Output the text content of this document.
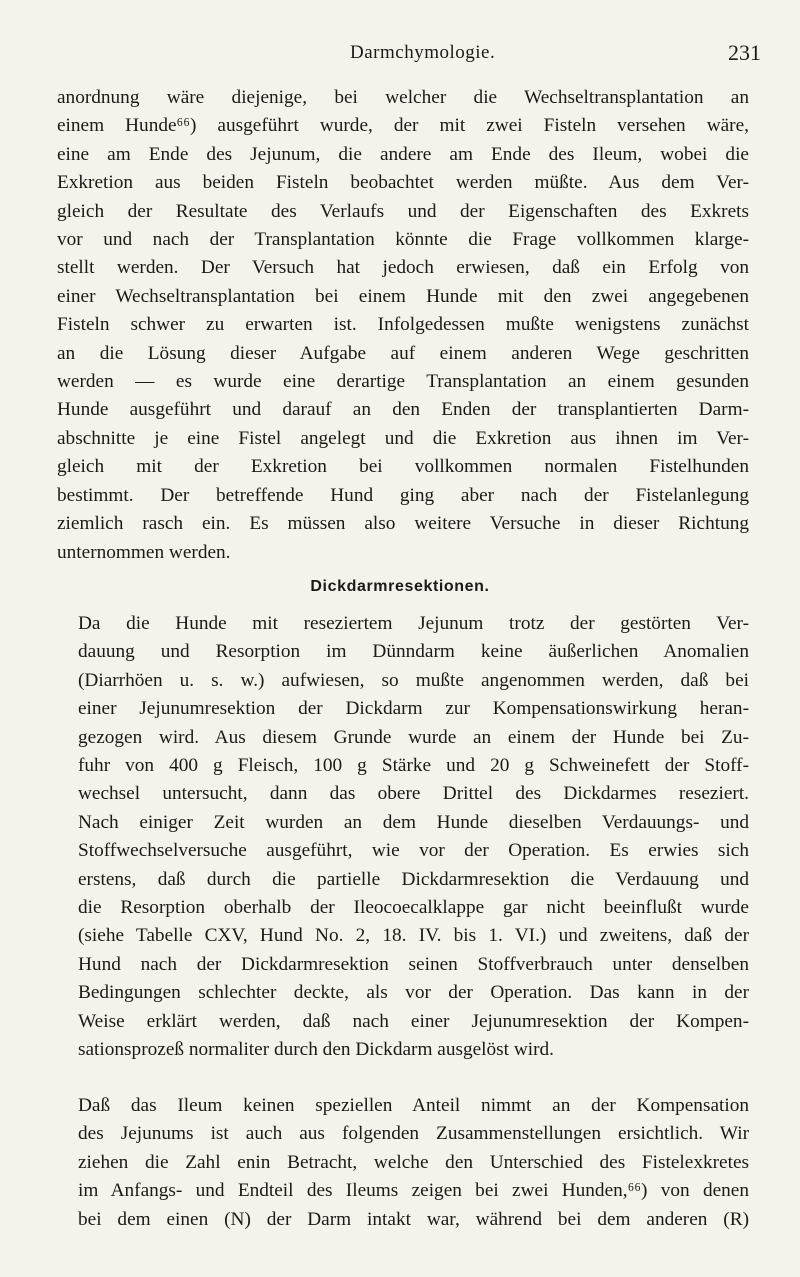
Darmchymologie.	231

anordnung wäre diejenige, bei welcher die Wechseltransplantation an
einem Hunde⁶⁶) ausgeführt wurde, der mit zwei Fisteln versehen wäre,
eine am Ende des Jejunum, die andere am Ende des Ileum, wobei die
Exkretion aus beiden Fisteln beobachtet werden müßte. Aus dem Ver-
gleich der Resultate des Verlaufs und der Eigenschaften des Exkrets
vor und nach der Transplantation könnte die Frage vollkommen klarge-
stellt werden. Der Versuch hat jedoch erwiesen, daß ein Erfolg von
einer Wechseltransplantation bei einem Hunde mit den zwei angegebenen
Fisteln schwer zu erwarten ist. Infolgedessen mußte wenigstens zunächst
an die Lösung dieser Aufgabe auf einem anderen Wege geschritten
werden — es wurde eine derartige Transplantation an einem gesunden
Hunde ausgeführt und darauf an den Enden der transplantierten Darm-
abschnitte je eine Fistel angelegt und die Exkretion aus ihnen im Ver-
gleich mit der Exkretion bei vollkommen normalen Fistelhunden
bestimmt. Der betreffende Hund ging aber nach der Fistelanlegung
ziemlich rasch ein. Es müssen also weitere Versuche in dieser Richtung
unternommen werden.

Dickdarmresektionen.

Da die Hunde mit reseziertem Jejunum trotz der gestörten Ver-
dauung und Resorption im Dünndarm keine äußerlichen Anomalien
(Diarrhöen u. s. w.) aufwiesen, so mußte angenommen werden, daß bei
einer Jejunumresektion der Dickdarm zur Kompensationswirkung heran-
gezogen wird. Aus diesem Grunde wurde an einem der Hunde bei Zu-
fuhr von 400 g Fleisch, 100 g Stärke und 20 g Schweinefett der Stoff-
wechsel untersucht, dann das obere Drittel des Dickdarmes reseziert.
Nach einiger Zeit wurden an dem Hunde dieselben Verdauungs- und
Stoffwechselversuche ausgeführt, wie vor der Operation. Es erwies sich
erstens, daß durch die partielle Dickdarmresektion die Verdauung und
die Resorption oberhalb der Ileocoecalklappe gar nicht beeinflußt wurde
(siehe Tabelle CXV, Hund No. 2, 18. IV. bis 1. VI.) und zweitens, daß der
Hund nach der Dickdarmresektion seinen Stoffverbrauch unter denselben
Bedingungen schlechter deckte, als vor der Operation. Das kann in der
Weise erklärt werden, daß nach einer Jejunumresektion der Kompen-
sationsprozeß normaliter durch den Dickdarm ausgelöst wird.

Daß das Ileum keinen speziellen Anteil nimmt an der Kompensation
des Jejunums ist auch aus folgenden Zusammenstellungen ersichtlich. Wir
ziehen die Zahl enin Betracht, welche den Unterschied des Fistelexkretes
im Anfangs- und Endteil des Ileums zeigen bei zwei Hunden,⁶⁶) von denen
bei dem einen (N) der Darm intakt war, während bei dem anderen (R)
